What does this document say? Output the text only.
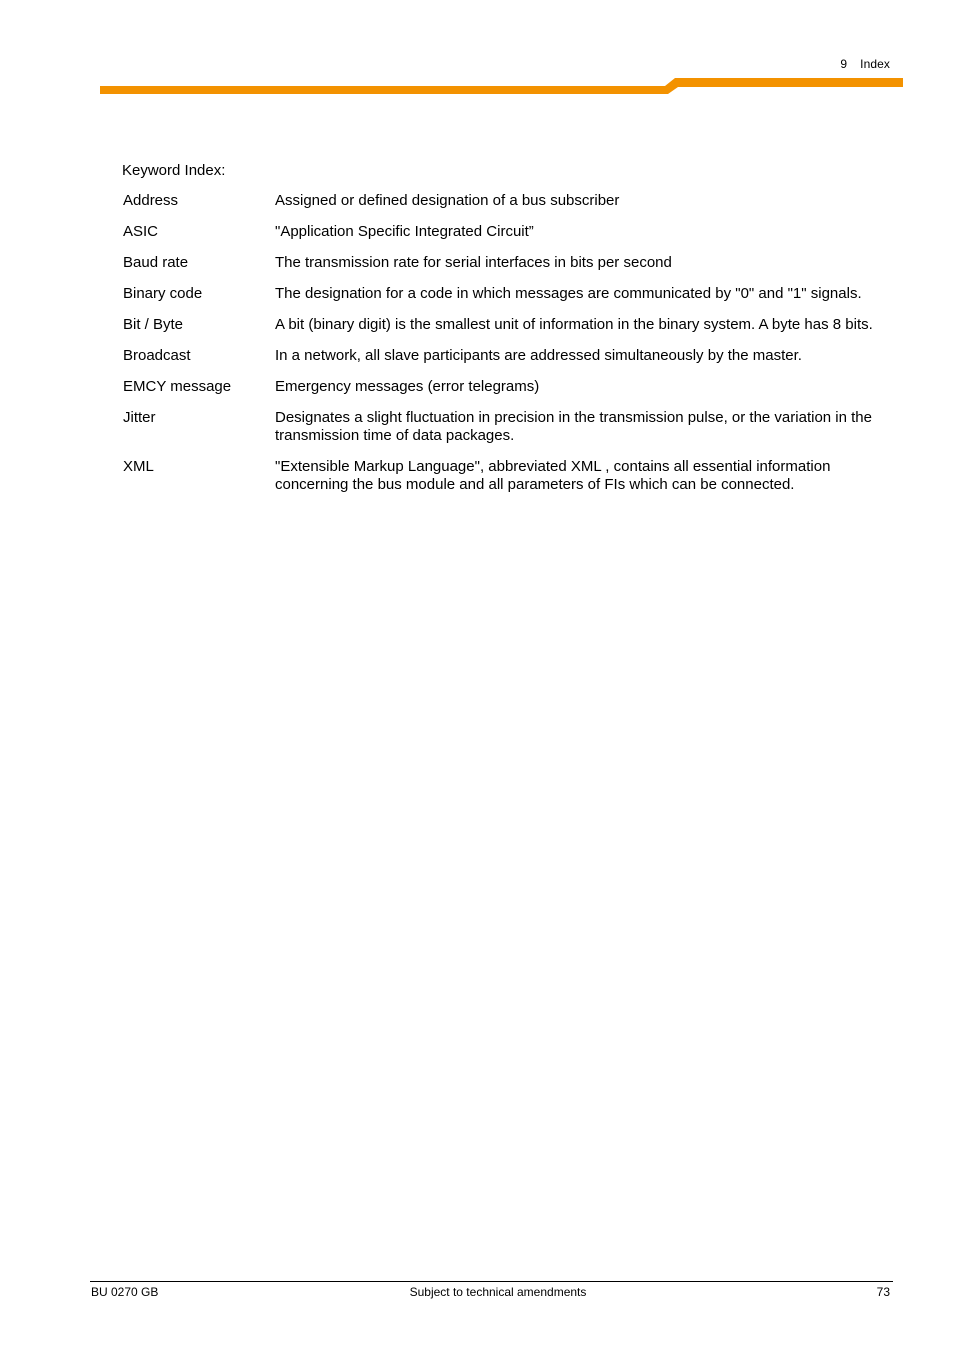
9 Index
Keyword Index:
Address	Assigned or defined designation of a bus subscriber
ASIC	"Application Specific Integrated Circuit”
Baud rate	The transmission rate for serial interfaces in bits per second
Binary code	The designation for a code in which messages are communicated by "0" and "1" signals.
Bit / Byte	A bit (binary digit) is the smallest unit of information in the binary system. A byte has 8 bits.
Broadcast	In a network, all slave participants are addressed simultaneously by the master.
EMCY message	Emergency messages (error telegrams)
Jitter	Designates a slight fluctuation in precision in the transmission pulse, or the variation in the transmission time of data packages.
XML	"Extensible Markup Language", abbreviated XML , contains all essential information concerning the bus module and all parameters of FIs which can be connected.
BU 0270 GB	Subject to technical amendments	73
